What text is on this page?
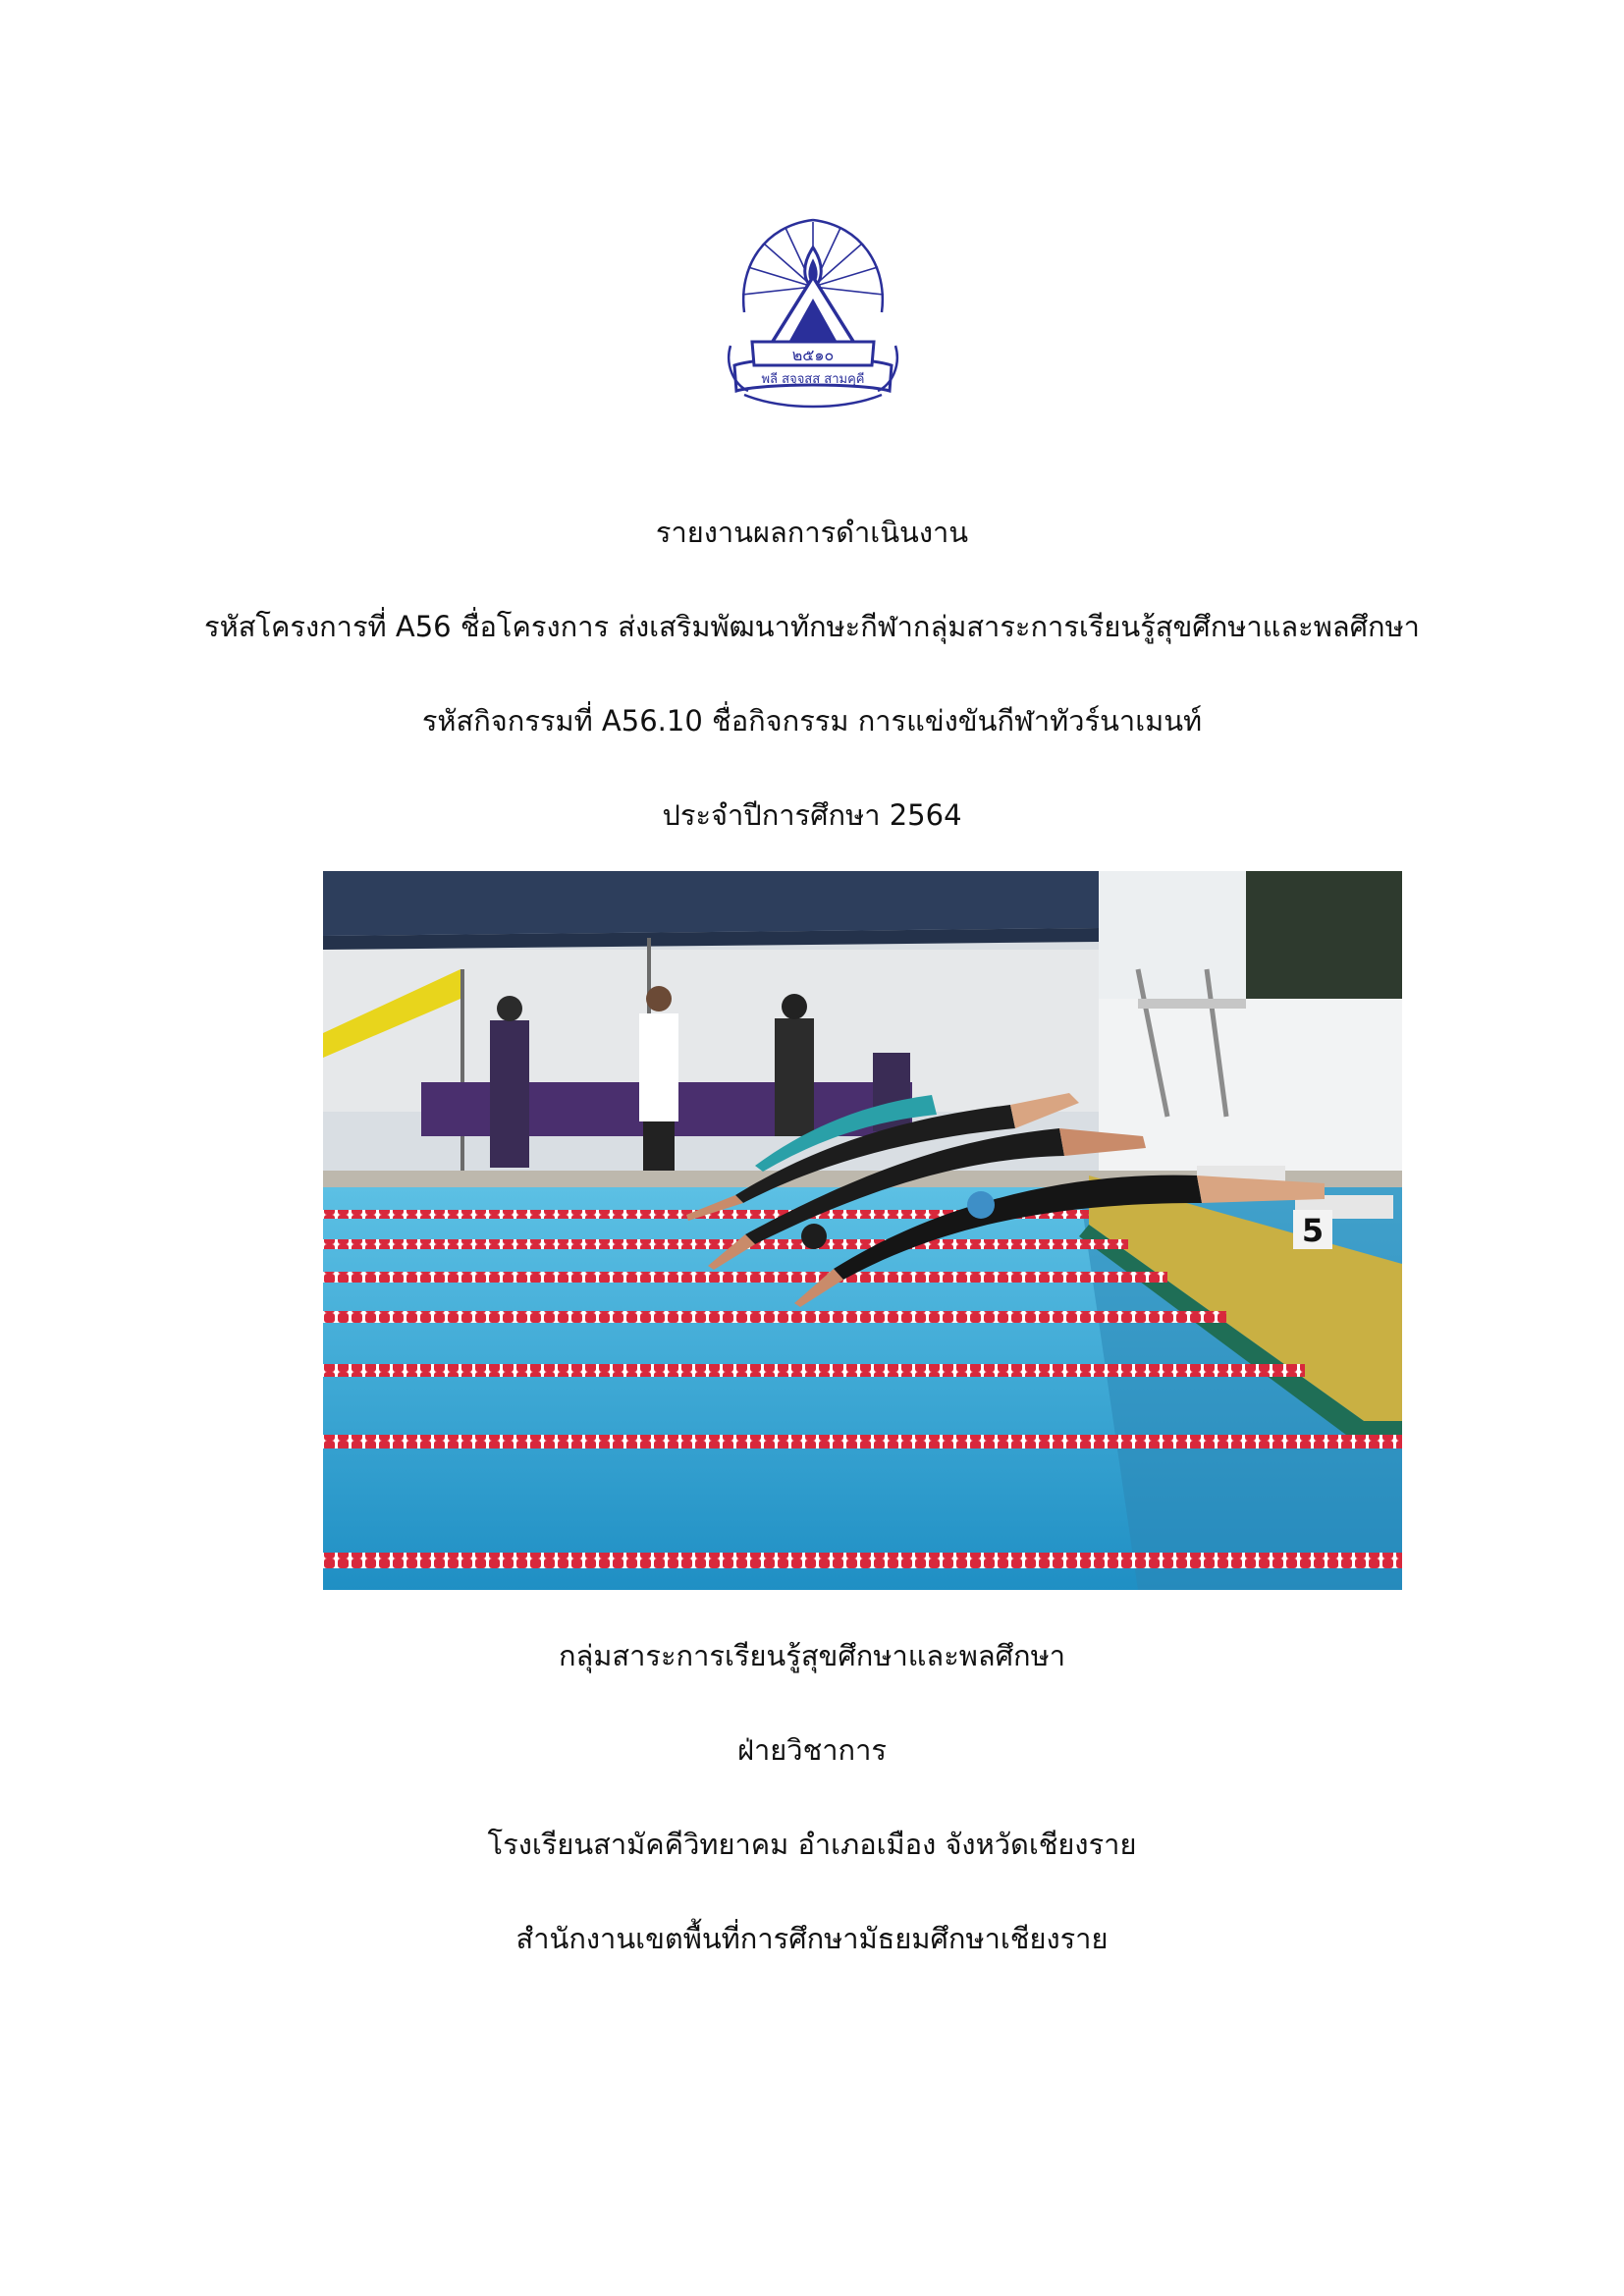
๒๕๑๐
พลี สจฺจสส สามคฺคี
รายงานผลการดำเนินงาน
รหัสโครงการที่ A56 ชื่อโครงการ ส่งเสริมพัฒนาทักษะกีฬากลุ่มสาระการเรียนรู้สุขศึกษาและพลศึกษา
รหัสกิจกรรมที่ A56.10 ชื่อกิจกรรม การแข่งขันกีฬาทัวร์นาเมนท์
ประจำปีการศึกษา 2564
5
กลุ่มสาระการเรียนรู้สุขศึกษาและพลศึกษา
ฝ่ายวิชาการ
โรงเรียนสามัคคีวิทยาคม อำเภอเมือง จังหวัดเชียงราย
สำนักงานเขตพื้นที่การศึกษามัธยมศึกษาเชียงราย
